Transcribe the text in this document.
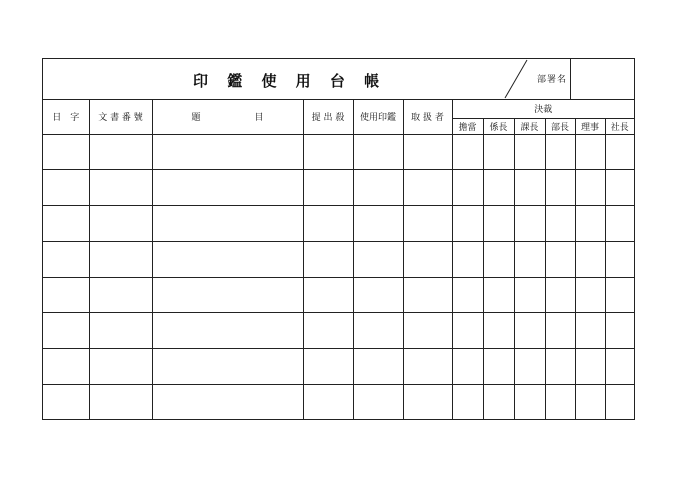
印 鑑 使 用 台 帳	部署名
日　字	文 書 番 號	題　　　　　　目	提 出 殺	使用印鑑	取 扱 者	決裁					
						擔當	係長	課長	部長	理事	社長
